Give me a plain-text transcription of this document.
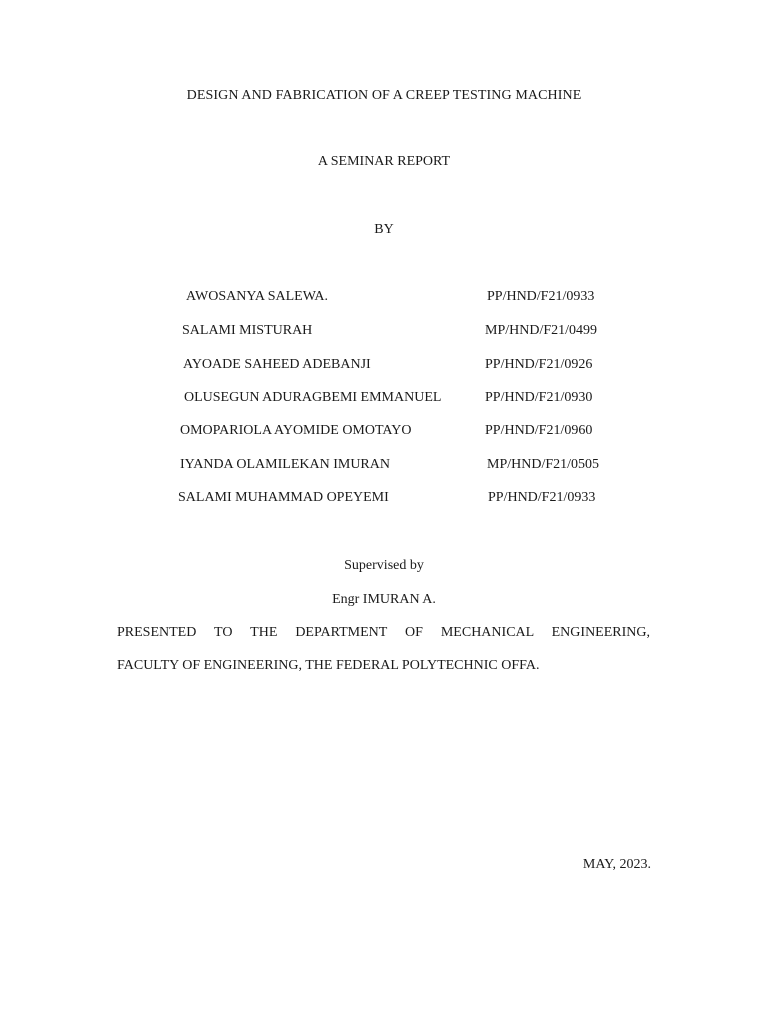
DESIGN AND FABRICATION OF A CREEP TESTING MACHINE
A SEMINAR REPORT
BY
AWOSANYA SALEWA.	PP/HND/F21/0933
SALAMI MISTURAH	MP/HND/F21/0499
AYOADE SAHEED ADEBANJI	PP/HND/F21/0926
OLUSEGUN ADURAGBEMI EMMANUEL	PP/HND/F21/0930
OMOPARIOLA AYOMIDE OMOTAYO	PP/HND/F21/0960
IYANDA OLAMILEKAN IMURAN	MP/HND/F21/0505
SALAMI MUHAMMAD OPEYEMI	PP/HND/F21/0933
Supervised by
Engr IMURAN A.
PRESENTED TO THE DEPARTMENT OF MECHANICAL ENGINEERING,
FACULTY OF ENGINEERING, THE FEDERAL POLYTECHNIC OFFA.
MAY, 2023.
